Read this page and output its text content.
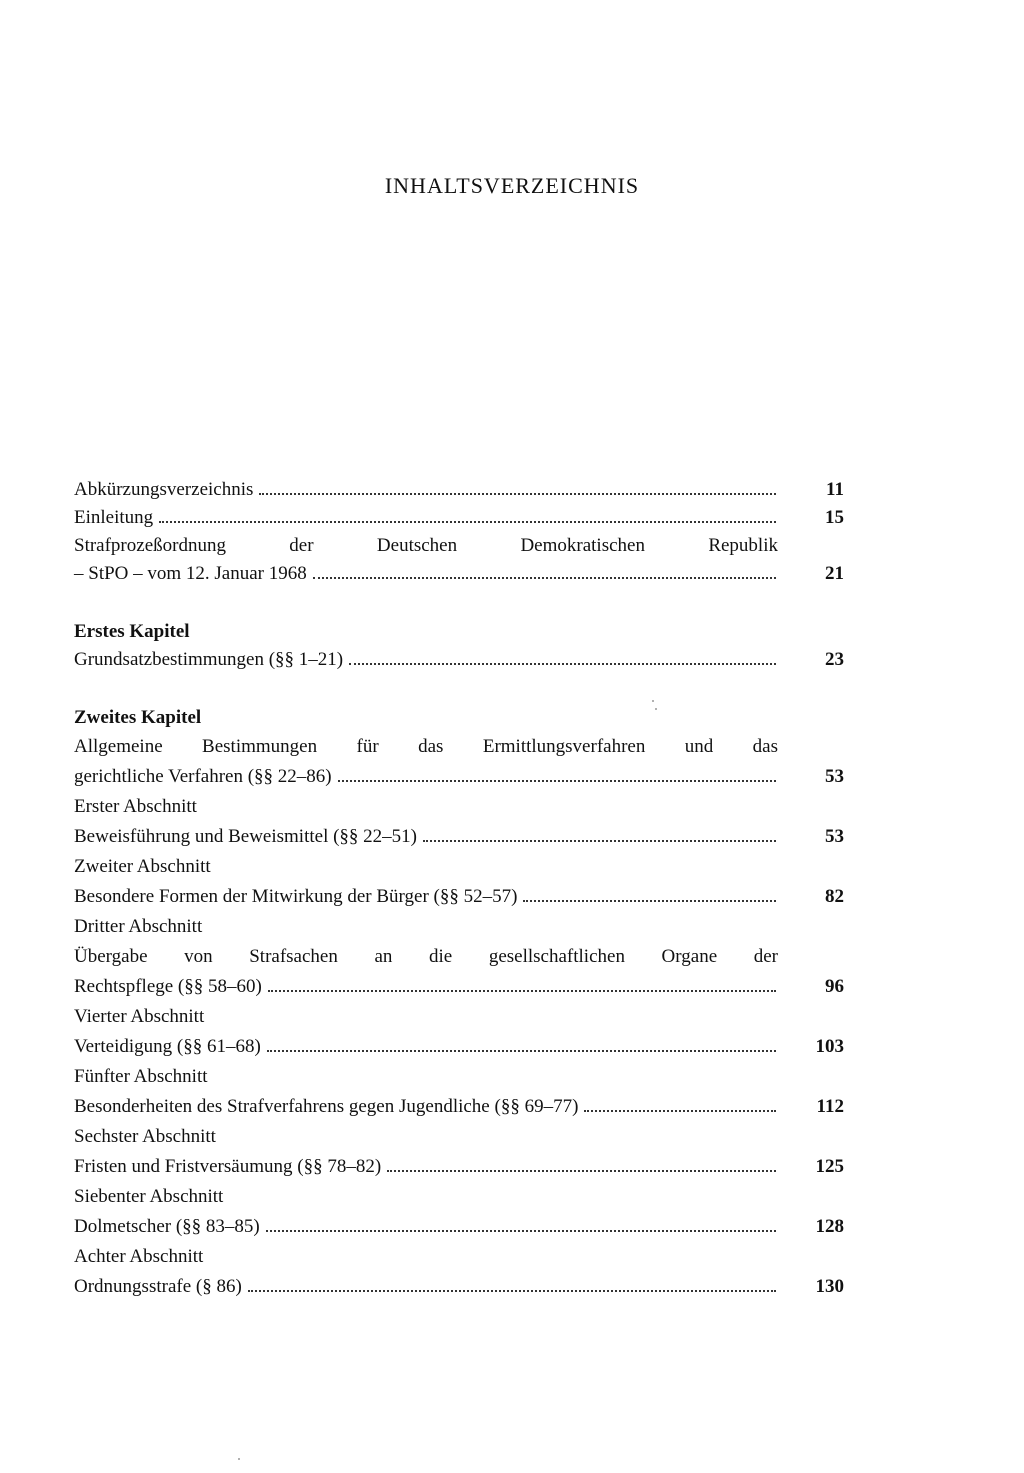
INHALTSVERZEICHNIS
Abkürzungsverzeichnis	11
Einleitung	15
Strafprozeßordnung der Deutschen Demokratischen Republik
– StPO – vom 12. Januar 1968	21
Erstes Kapitel
Grundsatzbestimmungen (§§ 1–21)	23
Zweites Kapitel
Allgemeine Bestimmungen für das Ermittlungsverfahren und das
gerichtliche Verfahren (§§ 22–86)	53
Erster Abschnitt
Beweisführung und Beweismittel (§§ 22–51)	53
Zweiter Abschnitt
Besondere Formen der Mitwirkung der Bürger (§§ 52–57)	82
Dritter Abschnitt
Übergabe von Strafsachen an die gesellschaftlichen Organe der
Rechtspflege (§§ 58–60)	96
Vierter Abschnitt
Verteidigung (§§ 61–68)	103
Fünfter Abschnitt
Besonderheiten des Strafverfahrens gegen Jugendliche (§§ 69–77)	112
Sechster Abschnitt
Fristen und Fristversäumung (§§ 78–82)	125
Siebenter Abschnitt
Dolmetscher (§§ 83–85)	128
Achter Abschnitt
Ordnungsstrafe (§ 86)	130
